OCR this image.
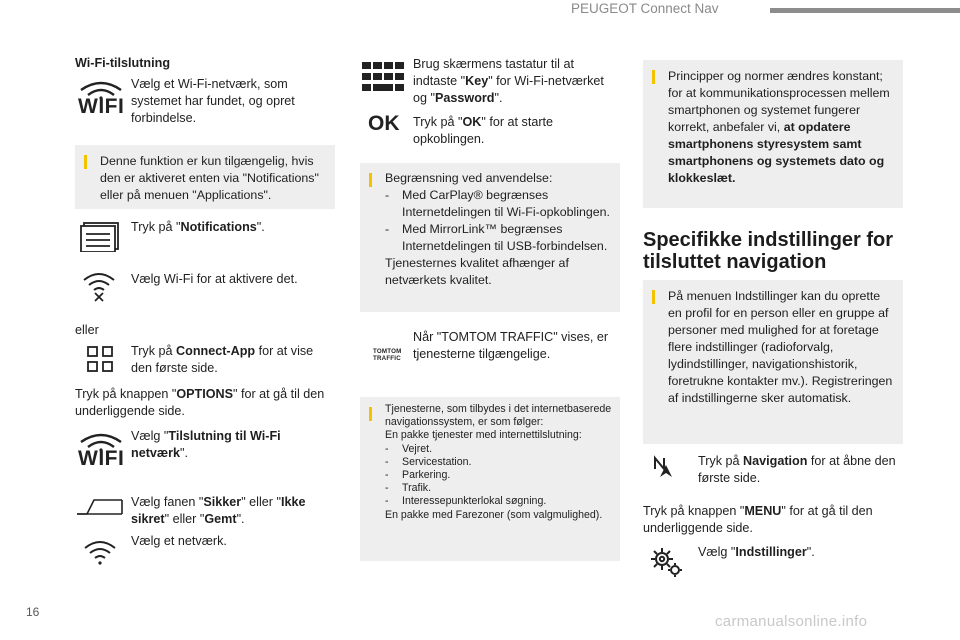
PEUGEOT Connect Nav
Wi-Fi-tilslutning
WIFI
Vælg et Wi-Fi-netværk, som systemet har fundet, og opret forbindelse.
Denne funktion er kun tilgængelig, hvis den er aktiveret enten via "Notifications" eller på menuen "Applications".
Tryk på "Notifications".
Vælg Wi-Fi for at aktivere det.
eller
Tryk på Connect-App for at vise den første side.
Tryk på knappen "OPTIONS" for at gå til den underliggende side.
WIFI
Vælg "Tilslutning til Wi-Fi netværk".
Vælg fanen "Sikker" eller "Ikke sikret" eller "Gemt".
Vælg et netværk.
Brug skærmens tastatur til at indtaste "Key" for Wi-Fi-netværket og "Password".
OK Tryk på "OK" for at starte opkoblingen.
Begrænsning ved anvendelse:
- Med CarPlay® begrænses Internetdelingen til Wi-Fi-opkoblingen.
- Med MirrorLink™ begrænses Internetdelingen til USB-forbindelsen.
Tjenesternes kvalitet afhænger af netværkets kvalitet.
TOMTOM
TRAFFIC
Når "TOMTOM TRAFFIC" vises, er tjenesterne tilgængelige.
Tjenesterne, som tilbydes i det internetbaserede navigationssystem, er som følger:
En pakke tjenester med internettilslutning:
- Vejret.
- Servicestation.
- Parkering.
- Trafik.
- Interessepunkterlokal søgning.
En pakke med Farezoner (som valgmulighed).
Principper og normer ændres konstant; for at kommunikationsprocessen mellem smartphonen og systemet fungerer korrekt, anbefaler vi, at opdatere smartphonens styresystem samt smartphonens og systemets dato og klokkeslæt.
Specifikke indstillinger for tilsluttet navigation
På menuen Indstillinger kan du oprette en profil for en person eller en gruppe af personer med mulighed for at foretage flere indstillinger (radioforvalg, lydindstillinger, navigationshistorik, foretrukne kontakter mv.). Registreringen af indstillingerne sker automatisk.
Tryk på Navigation for at åbne den første side.
Tryk på knappen "MENU" for at gå til den underliggende side.
Vælg "Indstillinger".
16
carmanualsonline.info
